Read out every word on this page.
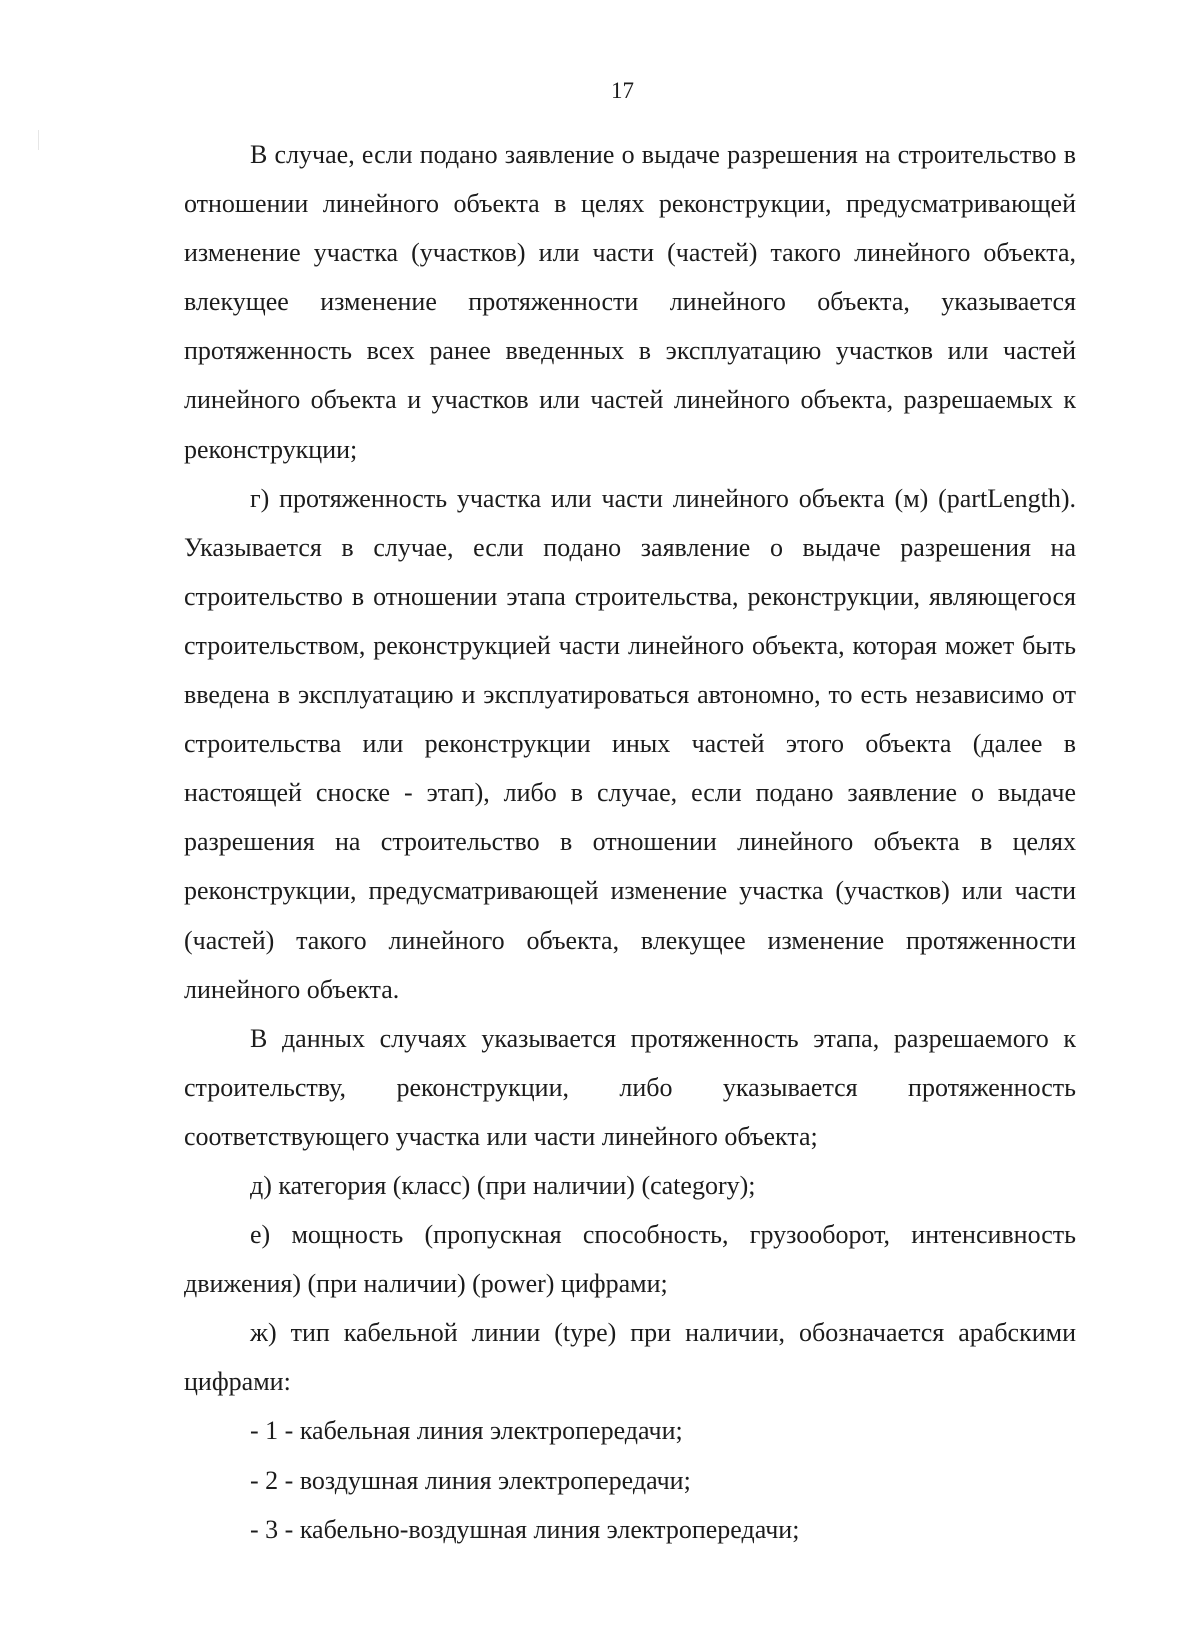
17

В случае, если подано заявление о выдаче разрешения на строительство в отношении линейного объекта в целях реконструкции, предусматривающей изменение участка (участков) или части (частей) такого линейного объекта, влекущее изменение протяженности линейного объекта, указывается протяженность всех ранее введенных в эксплуатацию участков или частей линейного объекта и участков или частей линейного объекта, разрешаемых к реконструкции;

г) протяженность участка или части линейного объекта (м) (partLength). Указывается в случае, если подано заявление о выдаче разрешения на строительство в отношении этапа строительства, реконструкции, являющегося строительством, реконструкцией части линейного объекта, которая может быть введена в эксплуатацию и эксплуатироваться автономно, то есть независимо от строительства или реконструкции иных частей этого объекта (далее в настоящей сноске - этап), либо в случае, если подано заявление о выдаче разрешения на строительство в отношении линейного объекта в целях реконструкции, предусматривающей изменение участка (участков) или части (частей) такого линейного объекта, влекущее изменение протяженности линейного объекта.

В данных случаях указывается протяженность этапа, разрешаемого к строительству, реконструкции, либо указывается протяженность соответствующего участка или части линейного объекта;

д) категория (класс) (при наличии) (category);

е) мощность (пропускная способность, грузооборот, интенсивность движения) (при наличии) (power) цифрами;

ж) тип кабельной линии (type) при наличии, обозначается арабскими цифрами:

- 1 - кабельная линия электропередачи;

- 2 - воздушная линия электропередачи;

- 3 - кабельно-воздушная линия электропередачи;
